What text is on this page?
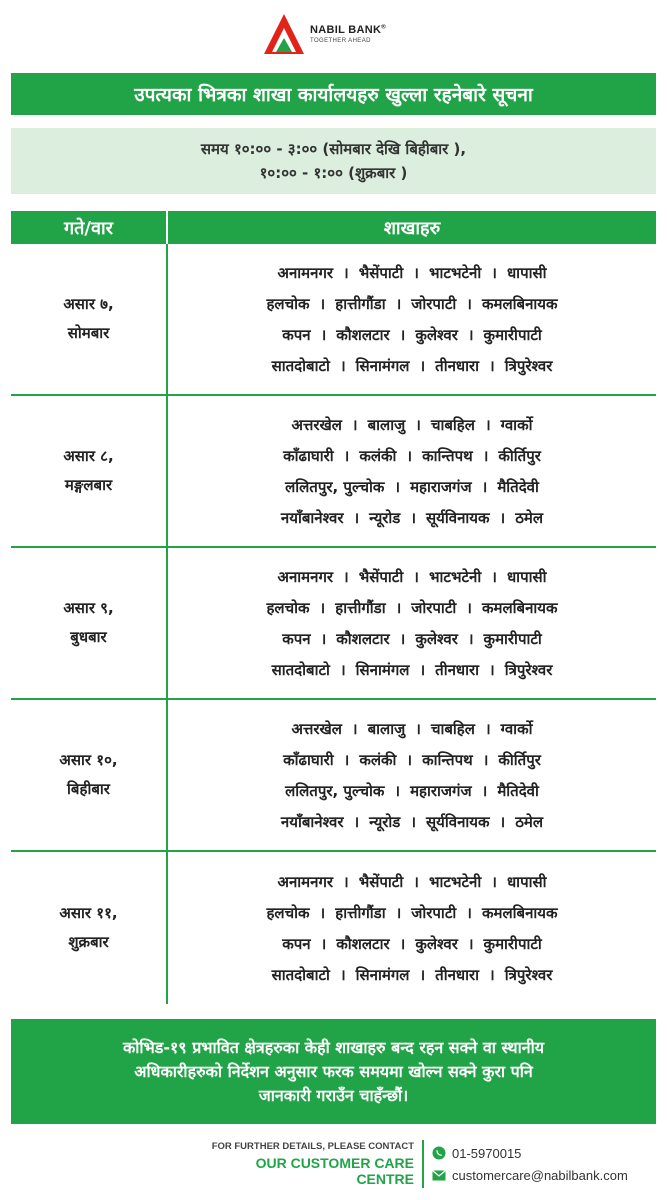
NABIL BANK®
TOGETHER AHEAD
उपत्यका भित्रका शाखा कार्यालयहरु खुल्ला रहनेबारे सूचना
समय १०:०० - ३:०० (सोमबार देखि बिहीबार ),
१०:०० - १:०० (शुक्रबार )
गते/वार	शाखाहरु
असार ७,
सोमबार
अनामनगर । भैसेंपाटी । भाटभटेनी । धापासी
हलचोक । हात्तीगौंडा । जोरपाटी । कमलबिनायक
कपन । कौशलटार । कुलेश्वर । कुमारीपाटी
सातदोबाटो । सिनामंगल । तीनधारा । त्रिपुरेश्वर
असार ८,
मङ्गलबार
अत्तरखेल । बालाजु । चाबहिल । ग्वार्को
काँढाघारी । कलंकी । कान्तिपथ । कीर्तिपुर
ललितपुर, पुल्चोक । महाराजगंज । मैतिदेवी
नयाँबानेश्वर । न्यूरोड । सूर्यविनायक । ठमेल
असार ९,
बुधबार
अनामनगर । भैसेंपाटी । भाटभटेनी । धापासी
हलचोक । हात्तीगौंडा । जोरपाटी । कमलबिनायक
कपन । कौशलटार । कुलेश्वर । कुमारीपाटी
सातदोबाटो । सिनामंगल । तीनधारा । त्रिपुरेश्वर
असार १०,
बिहीबार
अत्तरखेल । बालाजु । चाबहिल । ग्वार्को
काँढाघारी । कलंकी । कान्तिपथ । कीर्तिपुर
ललितपुर, पुल्चोक । महाराजगंज । मैतिदेवी
नयाँबानेश्वर । न्यूरोड । सूर्यविनायक । ठमेल
असार ११,
शुक्रबार
अनामनगर । भैसेंपाटी । भाटभटेनी । धापासी
हलचोक । हात्तीगौंडा । जोरपाटी । कमलबिनायक
कपन । कौशलटार । कुलेश्वर । कुमारीपाटी
सातदोबाटो । सिनामंगल । तीनधारा । त्रिपुरेश्वर
कोभिड-१९ प्रभावित क्षेत्रहरुका केही शाखाहरु बन्द रहन सक्ने वा स्थानीय
अधिकारीहरुको निर्देशन अनुसार फरक समयमा खोल्न सक्ने कुरा पनि
जानकारी गराउँन चाहँन्छौं।
FOR FURTHER DETAILS, PLEASE CONTACT
OUR CUSTOMER CARE CENTRE
01-5970015
customercare@nabilbank.com
